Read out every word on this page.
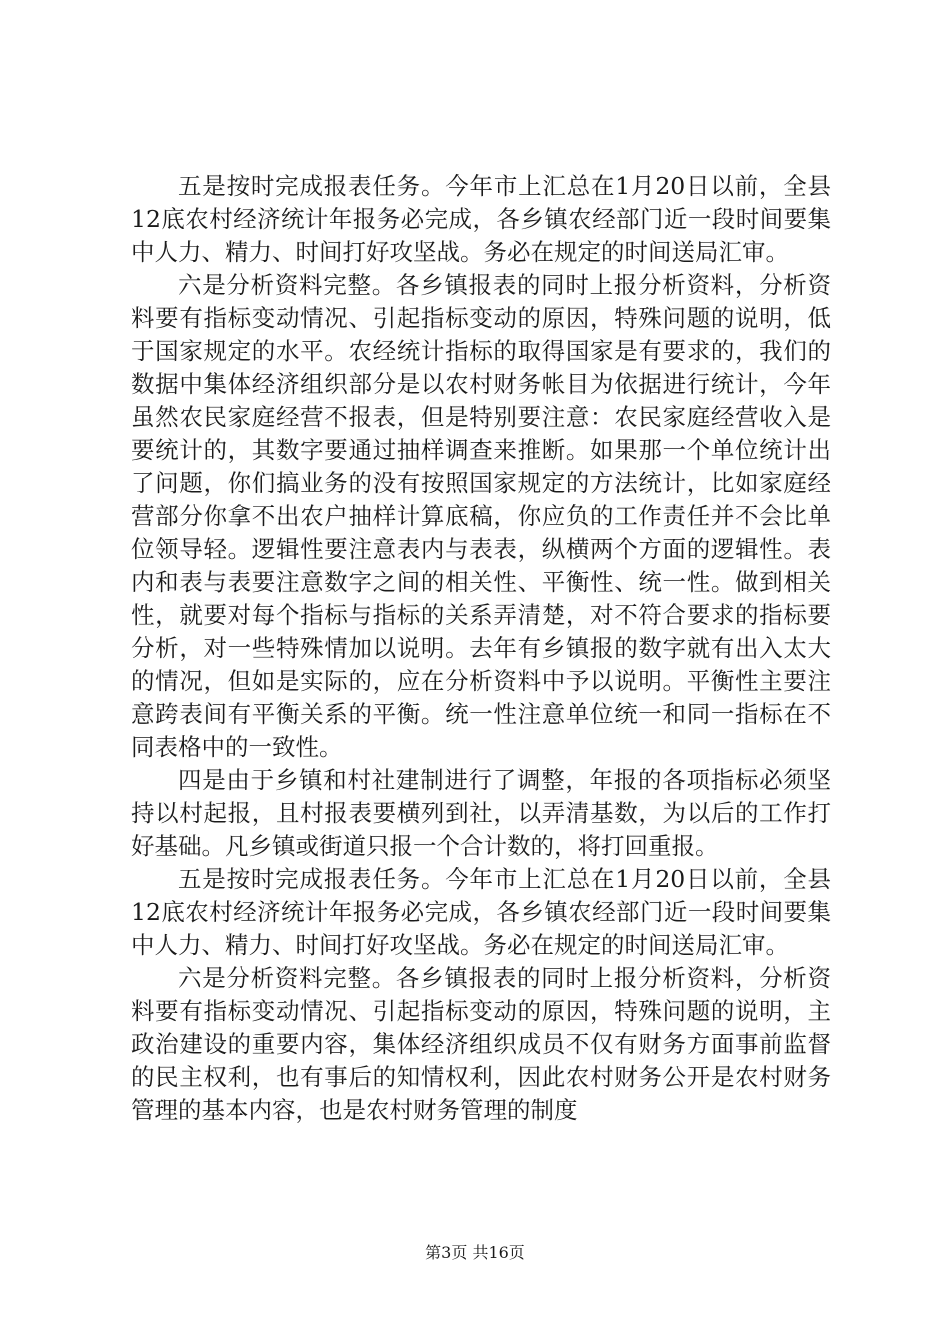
五是按时完成报表任务。今年市上汇总在1月20日以前，全县12底农村经济统计年报务必完成，各乡镇农经部门近一段时间要集中人力、精力、时间打好攻坚战。务必在规定的时间送局汇审。

六是分析资料完整。各乡镇报表的同时上报分析资料，分析资料要有指标变动情况、引起指标变动的原因，特殊问题的说明，低于国家规定的水平。农经统计指标的取得国家是有要求的，我们的数据中集体经济组织部分是以农村财务帐目为依据进行统计，今年虽然农民家庭经营不报表，但是特别要注意：农民家庭经营收入是要统计的，其数字要通过抽样调查来推断。如果那一个单位统计出了问题，你们搞业务的没有按照国家规定的方法统计，比如家庭经营部分你拿不出农户抽样计算底稿，你应负的工作责任并不会比单位领导轻。逻辑性要注意表内与表表，纵横两个方面的逻辑性。表内和表与表要注意数字之间的相关性、平衡性、统一性。做到相关性，就要对每个指标与指标的关系弄清楚，对不符合要求的指标要分析，对一些特殊情加以说明。去年有乡镇报的数字就有出入太大的情况，但如是实际的，应在分析资料中予以说明。平衡性主要注意跨表间有平衡关系的平衡。统一性注意单位统一和同一指标在不同表格中的一致性。

四是由于乡镇和村社建制进行了调整，年报的各项指标必须坚持以村起报，且村报表要横列到社，以弄清基数，为以后的工作打好基础。凡乡镇或街道只报一个合计数的，将打回重报。

五是按时完成报表任务。今年市上汇总在1月20日以前，全县12底农村经济统计年报务必完成，各乡镇农经部门近一段时间要集中人力、精力、时间打好攻坚战。务必在规定的时间送局汇审。

六是分析资料完整。各乡镇报表的同时上报分析资料，分析资料要有指标变动情况、引起指标变动的原因，特殊问题的说明，主政治建设的重要内容，集体经济组织成员不仅有财务方面事前监督的民主权利，也有事后的知情权利，因此农村财务公开是农村财务管理的基本内容，也是农村财务管理的制度

第3页 共16页
